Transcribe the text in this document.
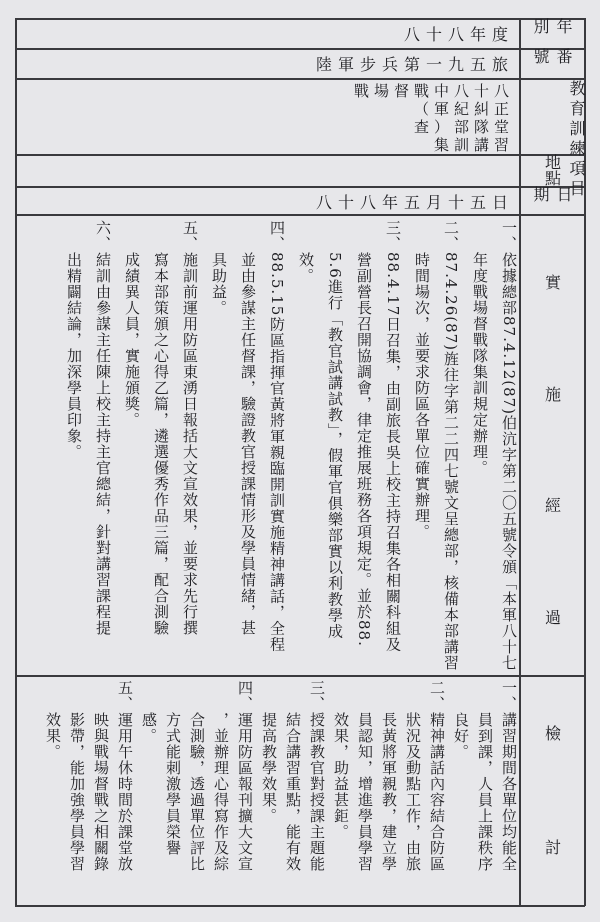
年別
番號
教育訓練項目
地點
日期
實
施
經
過
檢
討
八十八年度
陸軍步兵第一九五旅
戰場督戰中八十八
（軍紀糾正
查）部隊堂
集訓講習
八十八年五月十五日
一、依據總部87.4.12(87)伯沆字第二〇五號令頒「本軍八十七
　　年度戰場督戰隊集訓規定辦理。
二、87.4.26(87)旌往字第二二四七號文呈總部，核備本部講習
　　時間場次，並要求防區各單位確實辦理。
三、88.4.17日召集，由副旅長吳上校主持召集各相關科組及
　　營副營長召開協調會，律定推展班務各項規定。並於88.
　　5.6進行「教官試講試教」，假軍官俱樂部實以利教學成
　　效。
四、88.5.15防區指揮官黃將軍親臨開訓實施精神講話，全程
　　並由參謀主任督課，驗證教官授課情形及學員情緒，甚
　　具助益。
五、施訓前運用防區東湧日報括大文宣效果，並要求先行撰
　　寫本部策頒之心得乙篇，遴選優秀作品三篇，配合測驗
　　成績異人員，實施頒獎。
六、結訓由參謀主任陳上校主持主官總結，針對講習課程提
　　出精闢結論，加深學員印象。
一、講習期間各單位均能全
　　員到課，人員上課秩序
　　良好。
二、精神講話內容結合防區
　　狀況及動點工作，由旅
　　長黃將軍親教，建立學
　　員認知，增進學員學習
　　效果，助益甚鉅。
三、授課教官對授課主題能
　　結合講習重點，能有效
　　提高教學效果。
四、運用防區報刊擴大文宣
　　，並辦理心得寫作及綜
　　合測驗，透過單位評比
　　方式能刺激學員榮譽
　　感。
五、運用午休時間於課堂放
　　映與戰場督戰之相關錄
　　影帶，能加強學員學習
　　效果。
